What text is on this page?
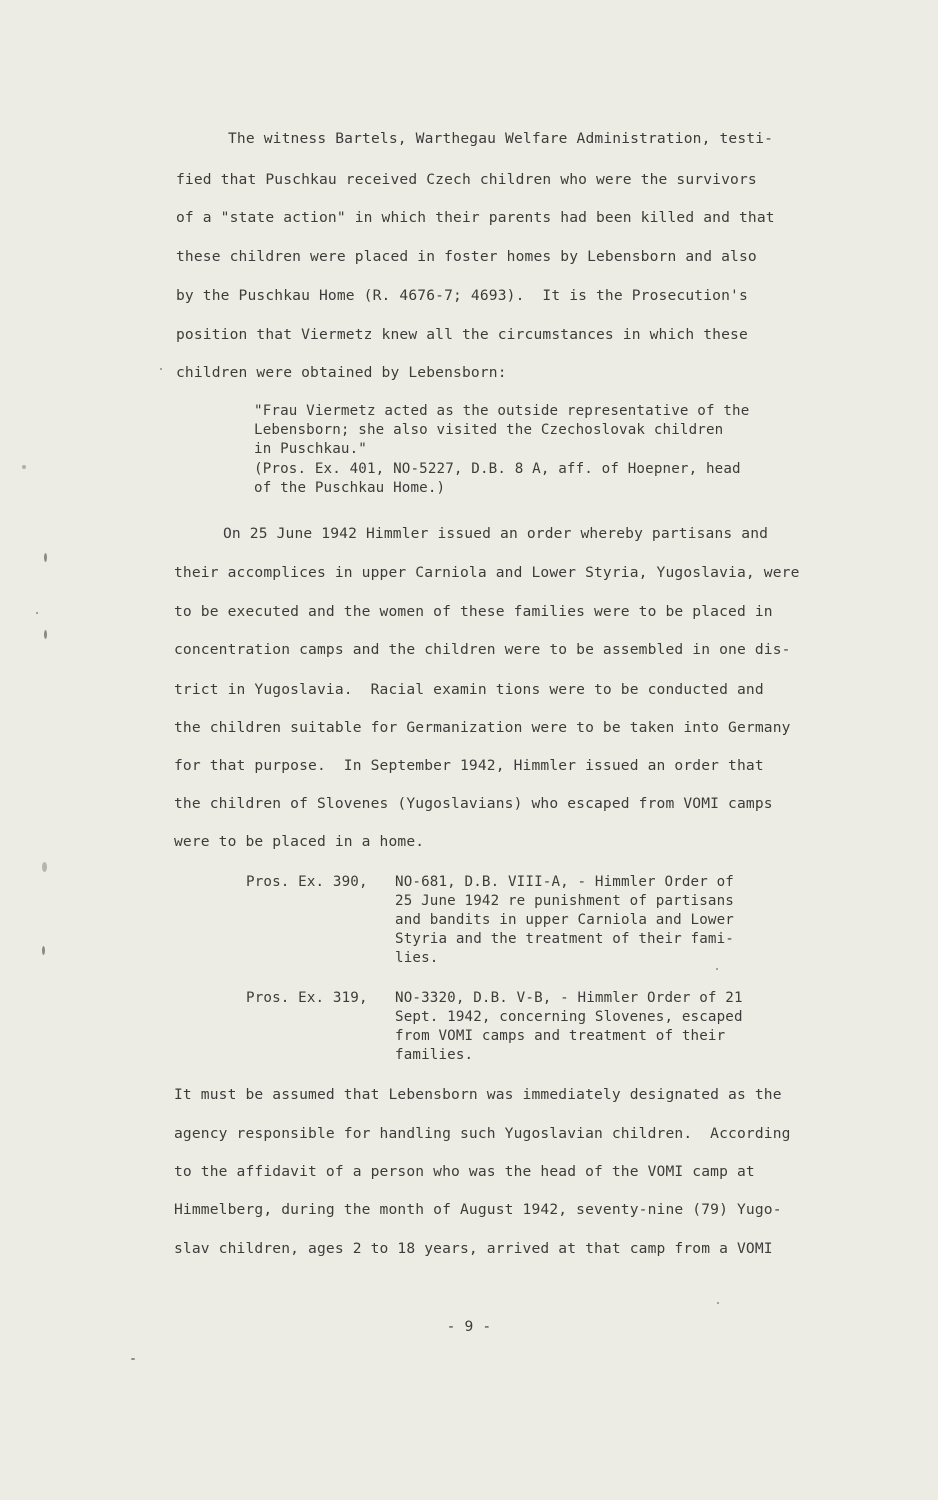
The witness Bartels, Warthegau Welfare Administration, testi-

fied that Puschkau received Czech children who were the survivors

of a "state action" in which their parents had been killed and that

these children were placed in foster homes by Lebensborn and also

by the Puschkau Home (R. 4676-7; 4693).  It is the Prosecution's

position that Viermetz knew all the circumstances in which these

children were obtained by Lebensborn:

"Frau Viermetz acted as the outside representative of the

Lebensborn; she also visited the Czechoslovak children

in Puschkau."

(Pros. Ex. 401, NO-5227, D.B. 8 A, aff. of Hoepner, head

of the Puschkau Home.)

On 25 June 1942 Himmler issued an order whereby partisans and

their accomplices in upper Carniola and Lower Styria, Yugoslavia, were

to be executed and the women of these families were to be placed in

concentration camps and the children were to be assembled in one dis-

trict in Yugoslavia.  Racial examin tions were to be conducted and

the children suitable for Germanization were to be taken into Germany

for that purpose.  In September 1942, Himmler issued an order that

the children of Slovenes (Yugoslavians) who escaped from VOMI camps

were to be placed in a home.

Pros. Ex. 390, NO-681, D.B. VIII-A, - Himmler Order of

25 June 1942 re punishment of partisans

and bandits in upper Carniola and Lower

Styria and the treatment of their fami-

lies.

Pros. Ex. 319, NO-3320, D.B. V-B, - Himmler Order of 21

Sept. 1942, concerning Slovenes, escaped

from VOMI camps and treatment of their

families.

It must be assumed that Lebensborn was immediately designated as the

agency responsible for handling such Yugoslavian children.  According

to the affidavit of a person who was the head of the VOMI camp at

Himmelberg, during the month of August 1942, seventy-nine (79) Yugo-

slav children, ages 2 to 18 years, arrived at that camp from a VOMI

- 9 -
